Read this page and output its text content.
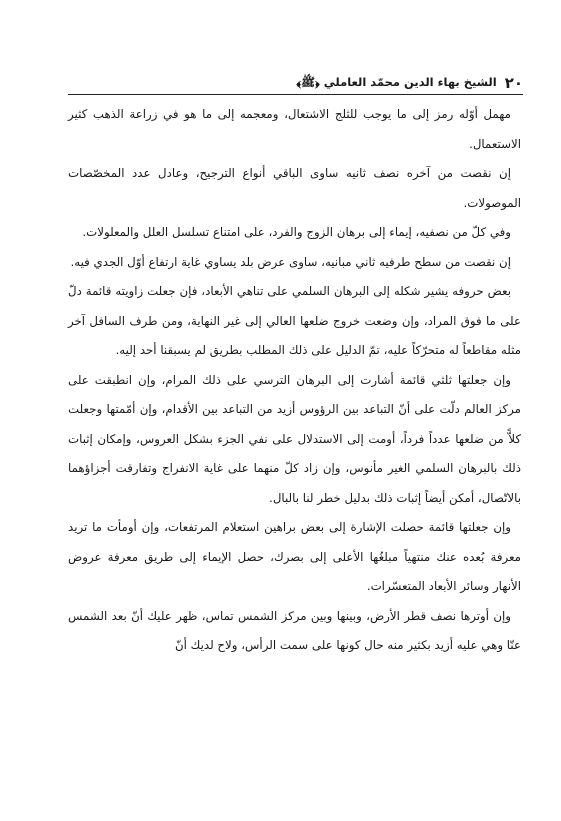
٢٠
الشيخ بهاء الدين محمّد العاملي ﴿ﷺ﴾

مهمل أوّله رمز إلى ما يوجب للثلج الاشتعال، ومعجمه إلى ما هو في زراعة الذهب كثير الاستعمال.

إن نقصت من آخره نصف ثانيه ساوى الباقي أنواع الترجيح، وعادل عدد المخصّصات الموصولات.

وفي كلّ من نصفيه، إيماء إلى برهان الزوج والفرد، على امتناع تسلسل العلل والمعلولات.

إن نقصت من سطح طرفيه ثاني مبانيه، ساوى عرض بلد يساوي غاية ارتفاع أوّل الجدي فيه.

بعض حروفه يشير شكله إلى البرهان السلمي على تناهي الأبعاد، فإن جعلت زاويته قائمة دلّ على ما فوق المراد، وإن وضعت خروج ضلعها العالي إلى غير النهاية، ومن طرف السافل آخر مثله مقاطعاً له متحرّكاً عليه، تمّ الدليل على ذلك المطلب بطريق لم يسبقنا أحد إليه.

وإن جعلتها ثلثي قائمة أشارت إلى البرهان الترسي على ذلك المرام، وإن انطبقت على مركز العالم دلّت على أنّ التباعد بين الرؤوس أزيد من التباعد بين الأقدام، وإن أمّمتها وجعلت كلاًّ من ضلعها عدداً فرداً، أومت إلى الاستدلال على نفي الجزء بشكل العروس، وإمكان إثبات ذلك بالبرهان السلمي الغير مأنوس، وإن زاد كلّ منهما على غاية الانفراج وتفارقت أجزاؤهما بالاتّصال، أمكن أيضاً إثبات ذلك بدليل خطر لنا بالبال.

وإن جعلتها قائمة حصلت الإشارة إلى بعض براهين استعلام المرتفعات، وإن أومأت ما تريد معرفة بُعده عنك منتهياً مبلغُها الأعلى إلى بصرك، حصل الإيماء إلى طريق معرفة عروض الأنهار وسائر الأبعاد المتعسّرات.

وإن أوترها نصف قطر الأرض، وبينها وبين مركز الشمس تماس، ظهر عليك أنّ بعد الشمس عنّا وهي عليه أزيد بكثير منه حال كونها على سمت الرأس، ولاح لديك أنّ
